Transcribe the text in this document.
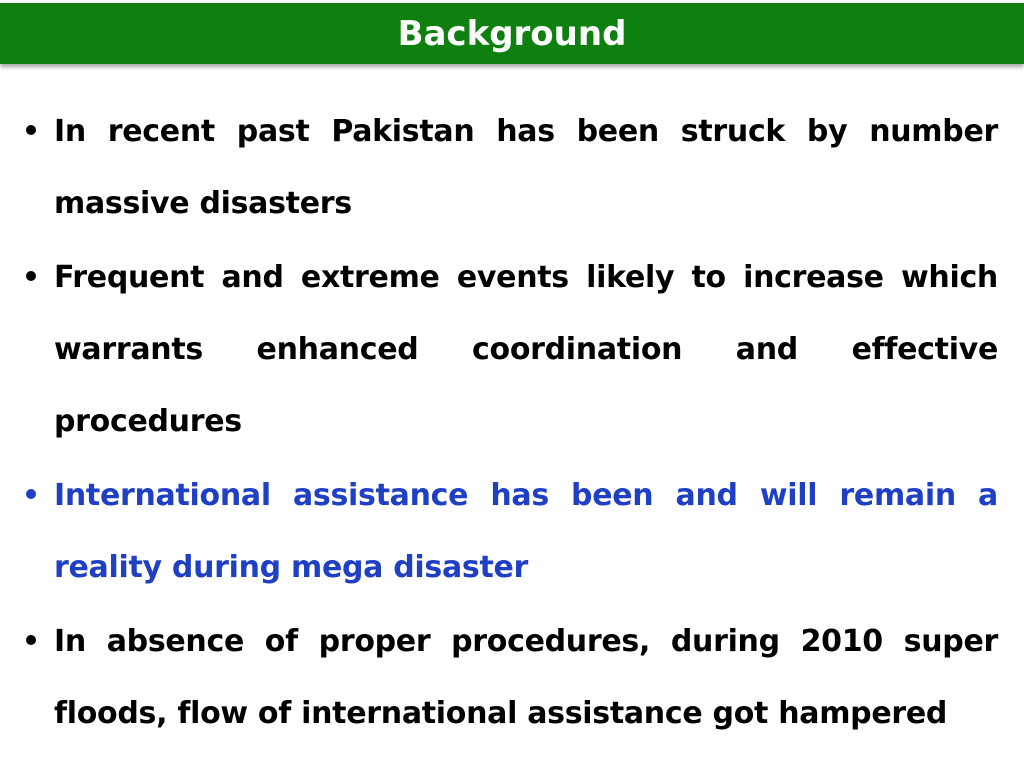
Background
In recent past Pakistan has been struck by number massive disasters
Frequent and extreme events likely to increase which warrants enhanced coordination and effective procedures
International assistance has been and will remain a reality during mega disaster
In absence of proper procedures, during 2010 super floods, flow of international assistance got hampered
